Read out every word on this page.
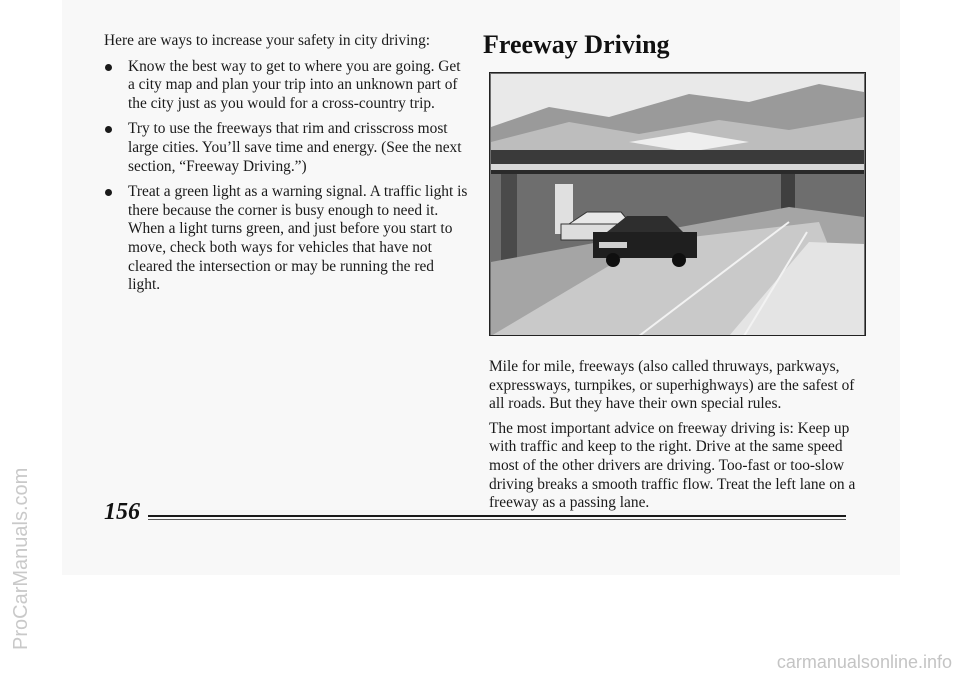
Here are ways to increase your safety in city driving:

Know the best way to get to where you are going. Get a city map and plan your trip into an unknown part of the city just as you would for a cross-country trip.
Try to use the freeways that rim and crisscross most large cities. You’ll save time and energy. (See the next section, “Freeway Driving.”)
Treat a green light as a warning signal. A traffic light is there because the corner is busy enough to need it. When a light turns green, and just before you start to move, check both ways for vehicles that have not cleared the intersection or may be running the red light.
Freeway Driving

Mile for mile, freeways (also called thruways, parkways, expressways, turnpikes, or superhighways) are the safest of all roads. But they have their own special rules.

The most important advice on freeway driving is: Keep up with traffic and keep to the right. Drive at the same speed most of the other drivers are driving. Too-fast or too-slow driving breaks a smooth traffic flow. Treat the left lane on a freeway as a passing lane.

156
ProCarManuals.com
carmanualsonline.info
